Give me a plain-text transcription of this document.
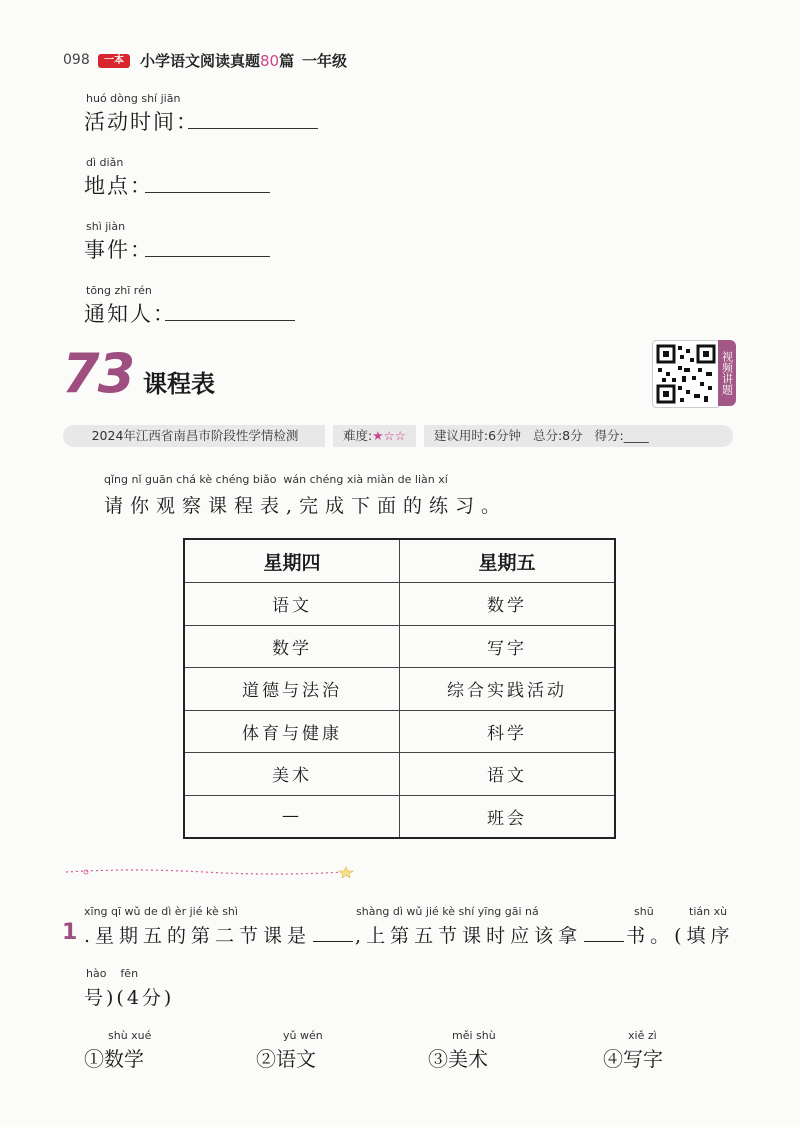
098	一本	小学语文阅读真题80篇 一年级
huó dòng shí jiān
活动时间：
dì diǎn
地点：
shì jiàn
事件：
tōng zhī rén
通知人：
73 课程表	视频讲题
2024年江西省南昌市阶段性学情检测	难度:★☆☆	建议用时:6分钟 总分:8分 得分:____
qǐng nǐ guān chá kè chéng biǎo  wán chéng xià miàn de liàn xí
请你观察课程表,完成下面的练习。
星期四	星期五
语文	数学
数学	写字
道德与法治	综合实践活动
体育与健康	科学
美术	语文
—	班会
1
xīng qī wǔ de dì èr jié kè shì	shàng dì wǔ jié kè shí yīng gāi ná	shū	tián xù
.星期五的第二节课是 ,上第五节课时应该拿 书。(填序
hào    fēn
号)(4分)
shù xué
①数学
yǔ wén
②语文
měi shù
③美术
xiě zì
④写字
